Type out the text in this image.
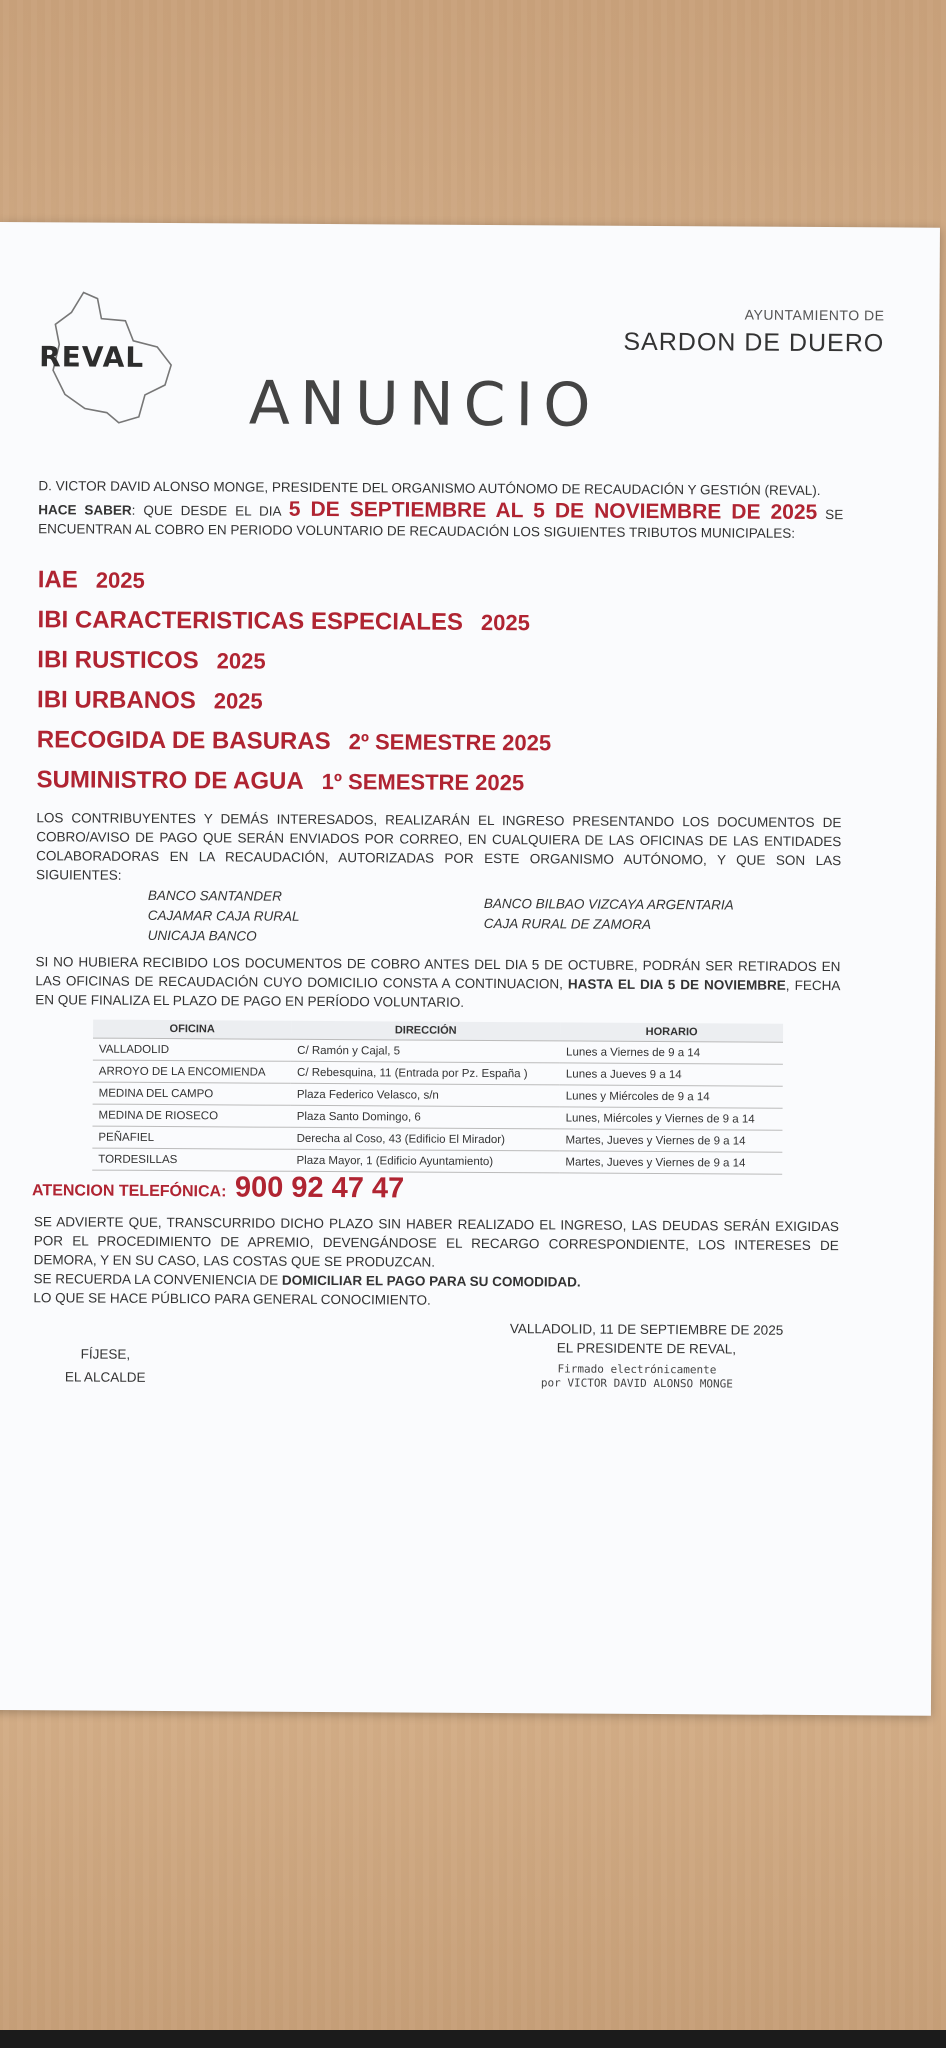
REVAL
AYUNTAMIENTO DE
SARDON DE DUERO
ANUNCIO
D. VICTOR DAVID ALONSO MONGE, PRESIDENTE DEL ORGANISMO AUTÓNOMO DE RECAUDACIÓN Y GESTIÓN (REVAL).
HACE SABER: QUE DESDE EL DIA 5 DE SEPTIEMBRE AL 5 DE NOVIEMBRE DE 2025 SE ENCUENTRAN AL COBRO EN PERIODO VOLUNTARIO DE RECAUDACIÓN LOS SIGUIENTES TRIBUTOS MUNICIPALES:
IAE 2025
IBI CARACTERISTICAS ESPECIALES 2025
IBI RUSTICOS 2025
IBI URBANOS 2025
RECOGIDA DE BASURAS 2º SEMESTRE 2025
SUMINISTRO DE AGUA 1º SEMESTRE 2025
LOS CONTRIBUYENTES Y DEMÁS INTERESADOS, REALIZARÁN EL INGRESO PRESENTANDO LOS DOCUMENTOS DE COBRO/AVISO DE PAGO QUE SERÁN ENVIADOS POR CORREO, EN CUALQUIERA DE LAS OFICINAS DE LAS ENTIDADES COLABORADORAS EN LA RECAUDACIÓN, AUTORIZADAS POR ESTE ORGANISMO AUTÓNOMO, Y QUE SON LAS SIGUIENTES:
BANCO SANTANDER
CAJAMAR CAJA RURAL
UNICAJA BANCO
BANCO BILBAO VIZCAYA ARGENTARIA
CAJA RURAL DE ZAMORA
SI NO HUBIERA RECIBIDO LOS DOCUMENTOS DE COBRO ANTES DEL DIA 5 DE OCTUBRE, PODRÁN SER RETIRADOS EN LAS OFICINAS DE RECAUDACIÓN CUYO DOMICILIO CONSTA A CONTINUACION, HASTA EL DIA 5 DE NOVIEMBRE, FECHA EN QUE FINALIZA EL PLAZO DE PAGO EN PERÍODO VOLUNTARIO.
OFICINA	DIRECCIÓN	HORARIO
VALLADOLID	C/ Ramón y Cajal, 5	Lunes a Viernes de 9 a 14
ARROYO DE LA ENCOMIENDA	C/ Rebesquina, 11 (Entrada por Pz. España )	Lunes a Jueves 9 a 14
MEDINA DEL CAMPO	Plaza Federico Velasco, s/n	Lunes y Miércoles de 9 a 14
MEDINA DE RIOSECO	Plaza Santo Domingo, 6	Lunes, Miércoles y Viernes de 9 a 14
PEÑAFIEL	Derecha al Coso, 43 (Edificio El Mirador)	Martes, Jueves y Viernes de 9 a 14
TORDESILLAS	Plaza Mayor, 1 (Edificio Ayuntamiento)	Martes, Jueves y Viernes de 9 a 14
ATENCION TELEFÓNICA: 900 92 47 47
SE ADVIERTE QUE, TRANSCURRIDO DICHO PLAZO SIN HABER REALIZADO EL INGRESO, LAS DEUDAS SERÁN EXIGIDAS POR EL PROCEDIMIENTO DE APREMIO, DEVENGÁNDOSE EL RECARGO CORRESPONDIENTE, LOS INTERESES DE DEMORA, Y EN SU CASO, LAS COSTAS QUE SE PRODUZCAN.
SE RECUERDA LA CONVENIENCIA DE DOMICILIAR EL PAGO PARA SU COMODIDAD.
LO QUE SE HACE PÚBLICO PARA GENERAL CONOCIMIENTO.
VALLADOLID, 11 DE SEPTIEMBRE DE 2025
EL PRESIDENTE DE REVAL,
Firmado electrónicamente
por VICTOR DAVID ALONSO MONGE
FÍJESE,
EL ALCALDE
